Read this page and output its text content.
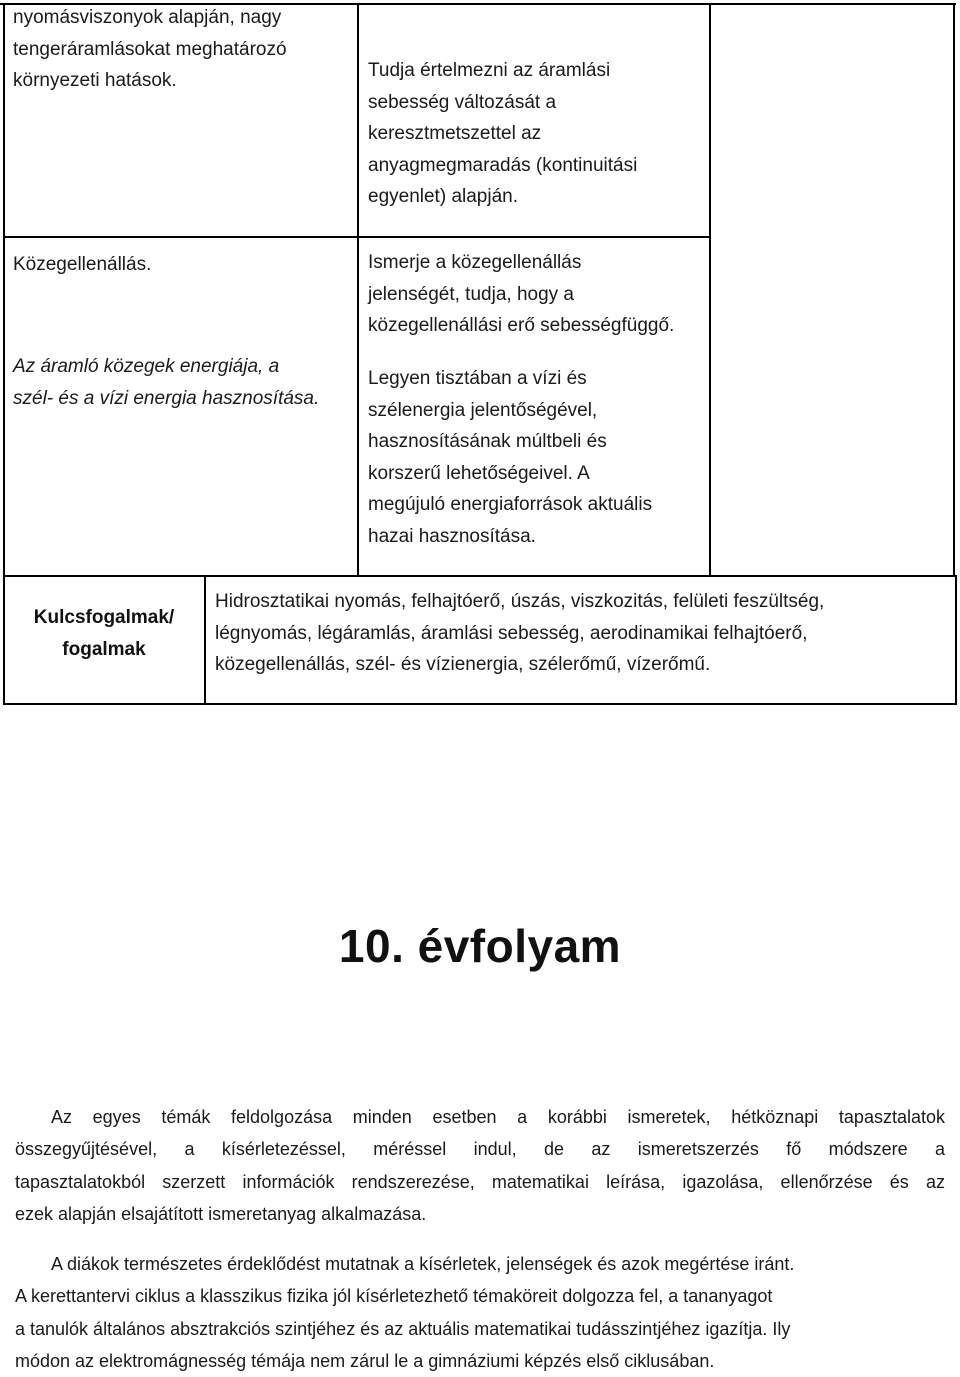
nyomásviszonyok alapján, nagy

tengeráramlásokat meghatározó

környezeti hatások.

Közegellenállás.

Az áramló közegek energiája, a

szél- és a vízi energia hasznosítása.

Tudja értelmezni az áramlási

sebesség változását a

keresztmetszettel az

anyagmegmaradás (kontinuitási

egyenlet) alapján.

Ismerje a közegellenállás

jelenségét, tudja, hogy a

közegellenállási erő sebességfüggő.

Legyen tisztában a vízi és

szélenergia jelentőségével,

hasznosításának múltbeli és

korszerű lehetőségeivel. A

megújuló energiaforrások aktuális

hazai hasznosítása.

Kulcsfogalmak/

fogalmak

Hidrosztatikai nyomás, felhajtóerő, úszás, viszkozitás, felületi feszültség,

légnyomás, légáramlás, áramlási sebesség, aerodinamikai felhajtóerő,

közegellenállás, szél- és vízienergia, szélerőmű, vízerőmű.

10. évfolyam
Az egyes témák feldolgozása minden esetben a korábbi ismeretek, hétköznapi tapasztalatok
összegyűjtésével, a kísérletezéssel, méréssel indul, de az ismeretszerzés fő módszere a
tapasztalatokból szerzett információk rendszerezése, matematikai leírása, igazolása, ellenőrzése és az
ezek alapján elsajátított ismeretanyag alkalmazása.
A diákok természetes érdeklődést mutatnak a kísérletek, jelenségek és azok megértése iránt.
A kerettantervi ciklus a klasszikus fizika jól kísérletezhető témaköreit dolgozza fel, a tananyagot
a tanulók általános absztrakciós szintjéhez és az aktuális matematikai tudásszintjéhez igazítja. Ily
módon az elektromágnesség témája nem zárul le a gimnáziumi képzés első ciklusában.
